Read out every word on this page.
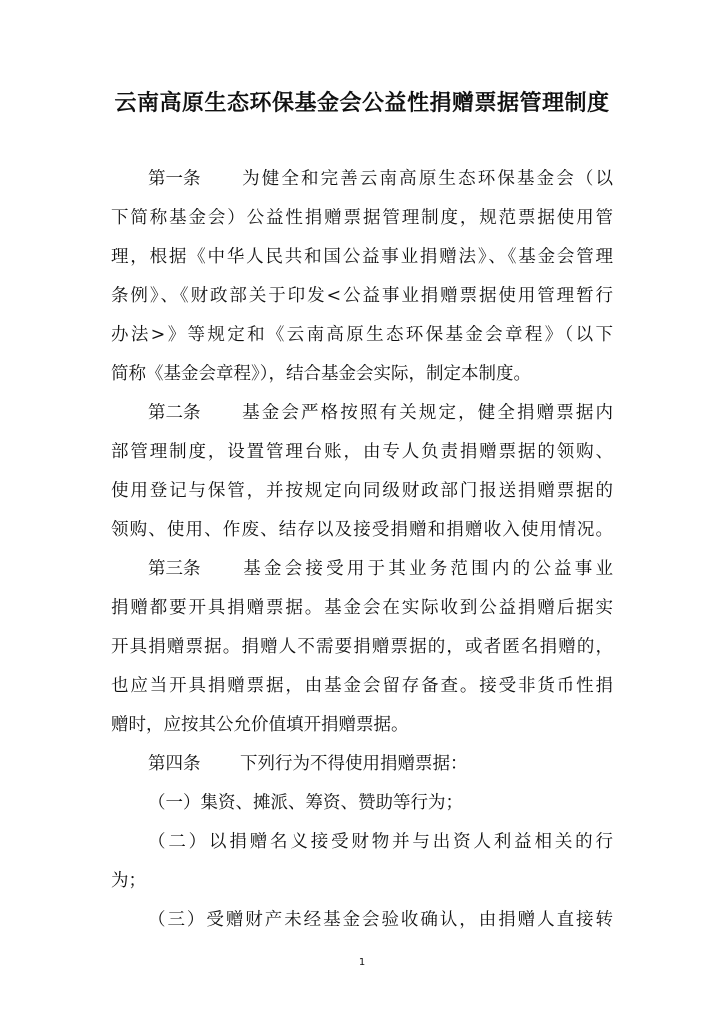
云南高原生态环保基金会公益性捐赠票据管理制度
第一条 为健全和完善云南高原生态环保基金会（以
下简称基金会）公益性捐赠票据管理制度，规范票据使用管
理，根据《中华人民共和国公益事业捐赠法》、《基金会管理
条例》、《财政部关于印发<公益事业捐赠票据使用管理暂行
办法>》等规定和《云南高原生态环保基金会章程》（以下
简称《基金会章程》），结合基金会实际，制定本制度。
第二条 基金会严格按照有关规定，健全捐赠票据内
部管理制度，设置管理台账，由专人负责捐赠票据的领购、
使用登记与保管，并按规定向同级财政部门报送捐赠票据的
领购、使用、作废、结存以及接受捐赠和捐赠收入使用情况。
第三条 基金会接受用于其业务范围内的公益事业
捐赠都要开具捐赠票据。基金会在实际收到公益捐赠后据实
开具捐赠票据。捐赠人不需要捐赠票据的，或者匿名捐赠的，
也应当开具捐赠票据，由基金会留存备查。接受非货币性捐
赠时，应按其公允价值填开捐赠票据。
第四条 下列行为不得使用捐赠票据：
（一）集资、摊派、筹资、赞助等行为；
（二）以捐赠名义接受财物并与出资人利益相关的行
为；
（三）受赠财产未经基金会验收确认，由捐赠人直接转
1
